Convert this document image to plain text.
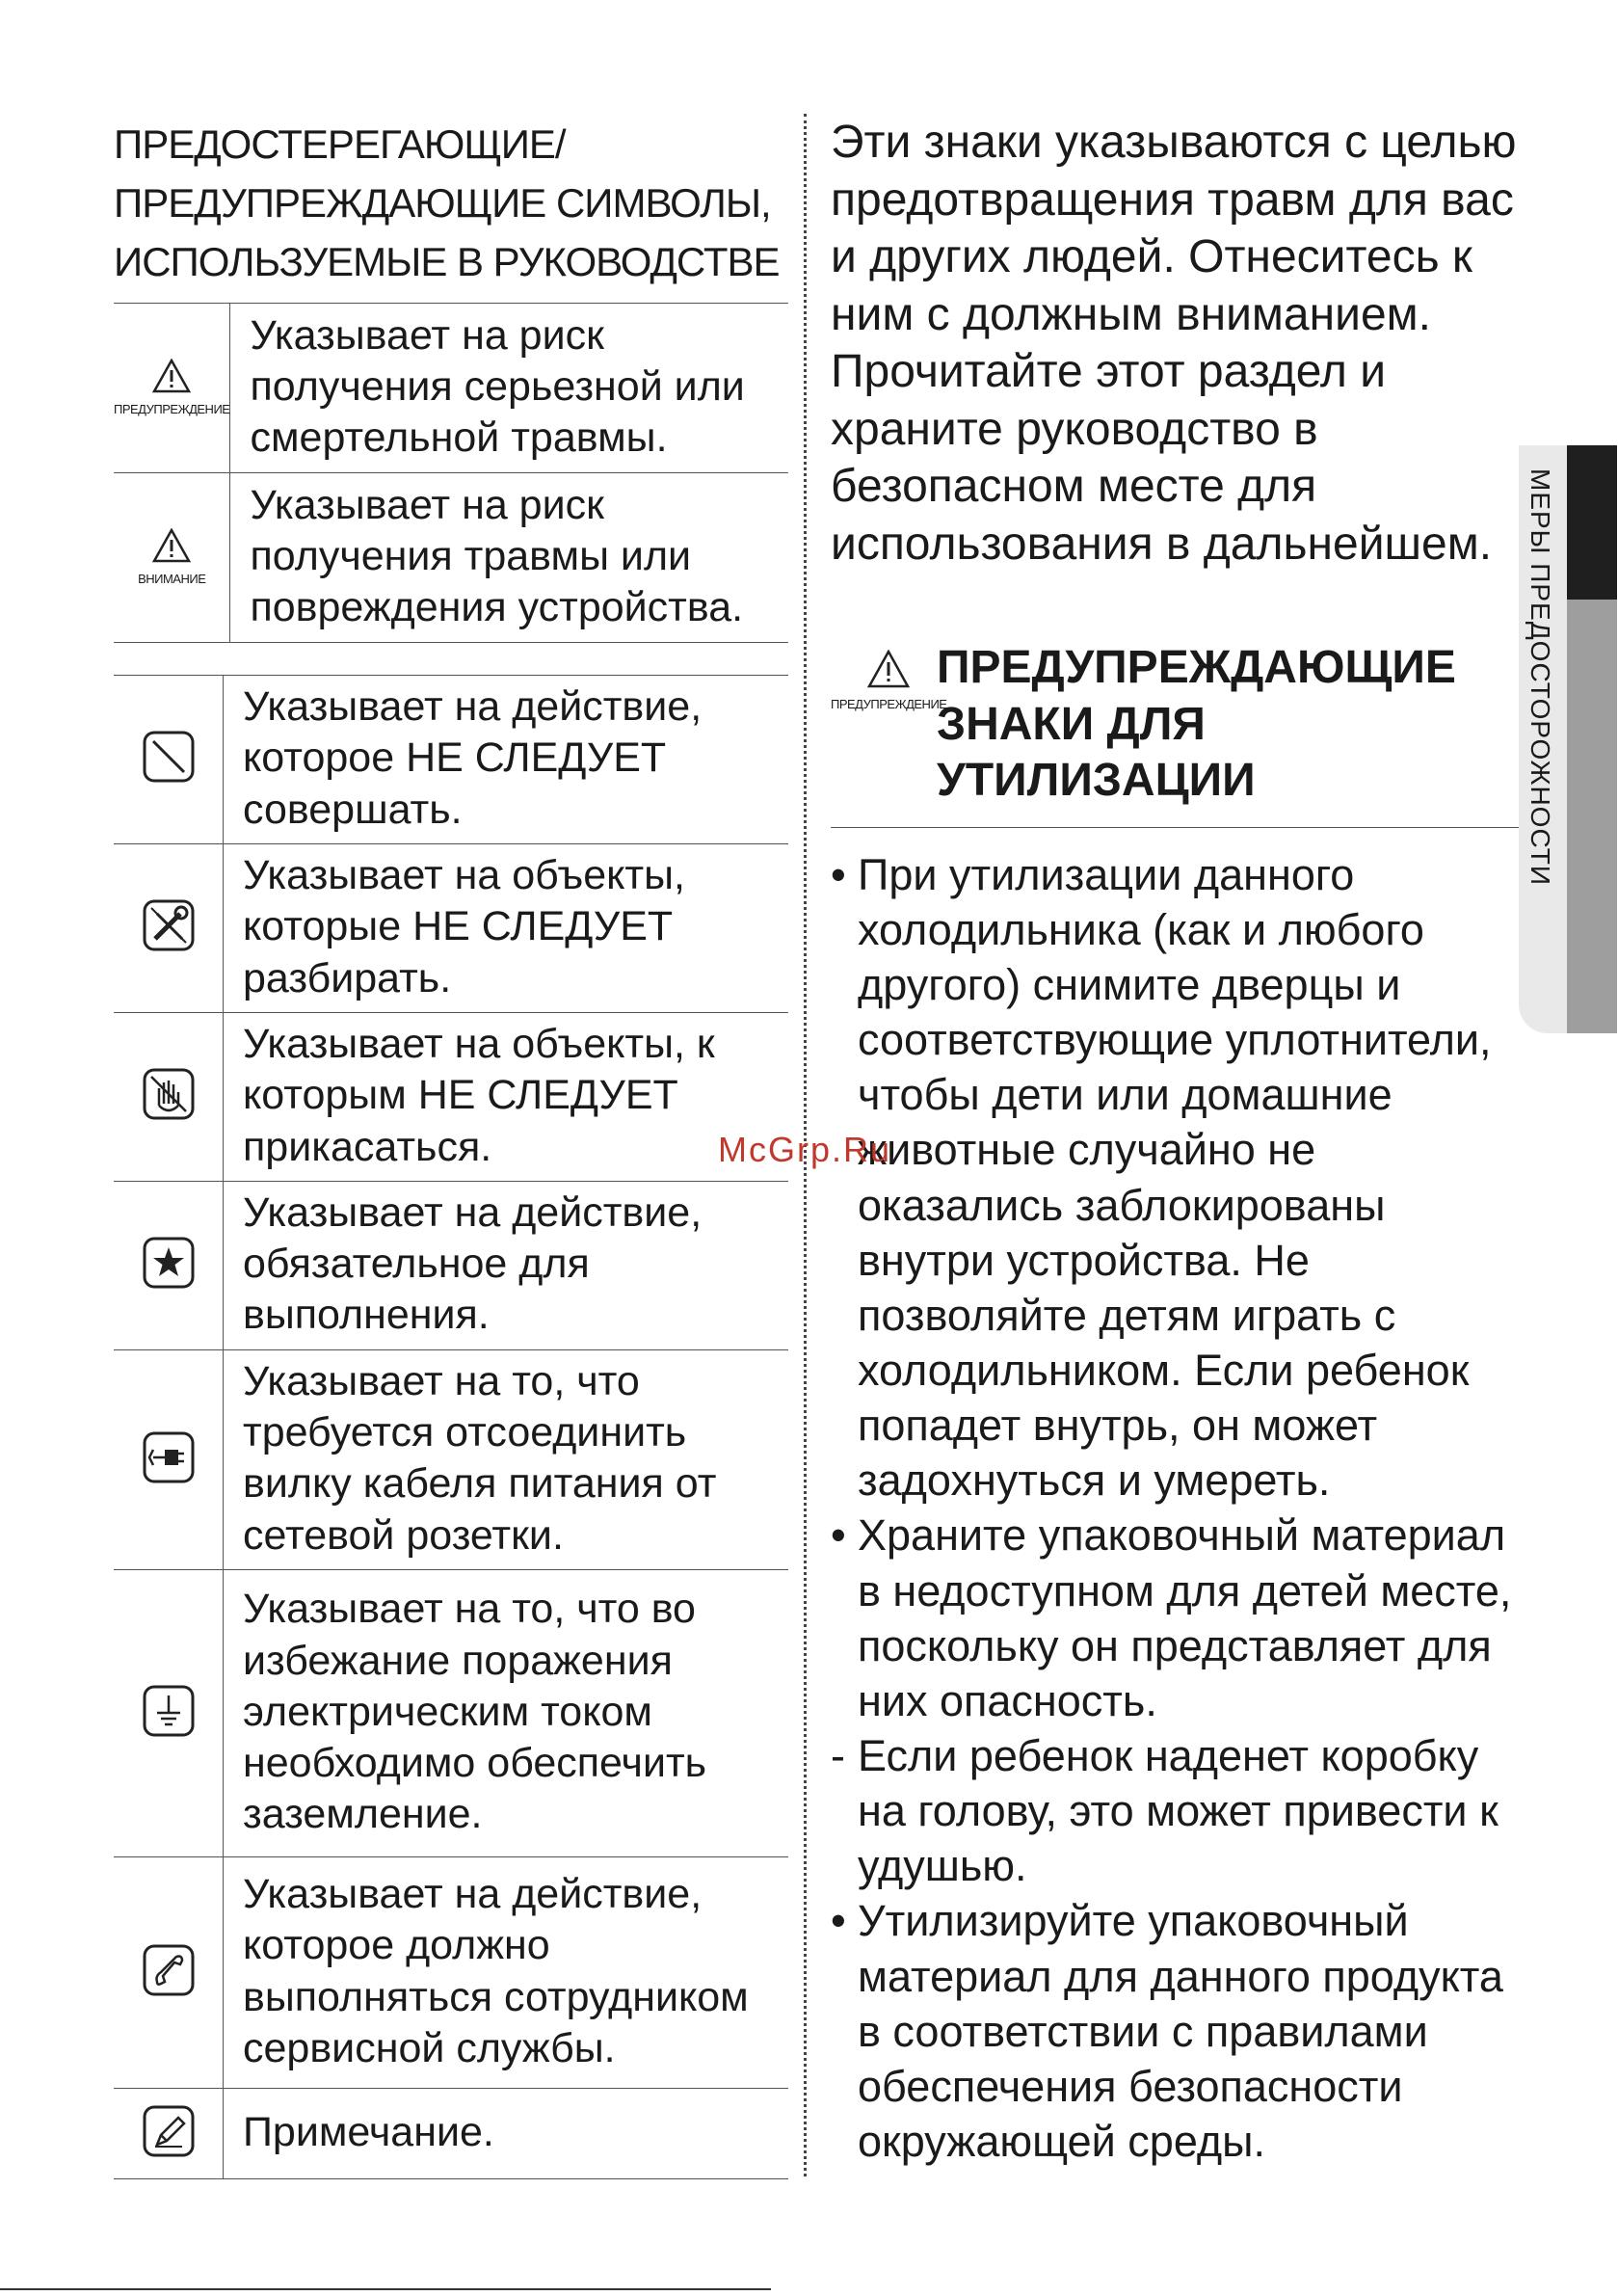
ПРЕДОСТЕРЕГАЮЩИЕ/
ПРЕДУПРЕЖДАЮЩИЕ СИМВОЛЫ,
ИСПОЛЬЗУЕМЫЕ В РУКОВОДСТВЕ
ПРЕДУПРЕЖДЕНИЕ	Указывает на риск получения серьезной или смертельной травмы.

ВНИМАНИЕ	Указывает на риск получения травмы или повреждения устройства.
	Указывает на действие, которое НЕ СЛЕДУЕТ совершать.
	Указывает на объекты, которые НЕ СЛЕДУЕТ разбирать.
	Указывает на объекты, к которым НЕ СЛЕДУЕТ прикасаться.
	Указывает на действие, обязательное для выполнения.
	Указывает на то, что требуется отсоединить вилку кабеля питания от сетевой розетки.
	Указывает на то, что во избежание поражения электрическим током необходимо обеспечить заземление.
	Указывает на действие, которое должно выполняться сотрудником сервисной службы.
	Примечание.

Эти знаки указываются с целью предотвращения травм для вас и других людей. Отнеситесь к ним с должным вниманием. Прочитайте этот раздел и храните руководство в безопасном месте для использования в дальнейшем.

ПРЕДУПРЕЖДЕНИЕ
ПРЕДУПРЕЖДАЮЩИЕ ЗНАКИ ДЛЯ УТИЛИЗАЦИИ
• При утилизации данного холодильника (как и любого другого) снимите дверцы и соответствующие уплотнители, чтобы дети или домашние животные случайно не оказались заблокированы внутри устройства. Не позволяйте детям играть с холодильником. Если ребенок попадет внутрь, он может задохнуться и умереть.
• Храните упаковочный материал в недоступном для детей месте, поскольку он представляет для них опасность.
- Если ребенок наденет коробку на голову, это может привести к удушью.
• Утилизируйте упаковочный материал для данного продукта в соответствии с правилами обеспечения безопасности окружающей среды.
МЕРЫ ПРЕДОСТОРОЖНОСТИ
McGrp.Ru
